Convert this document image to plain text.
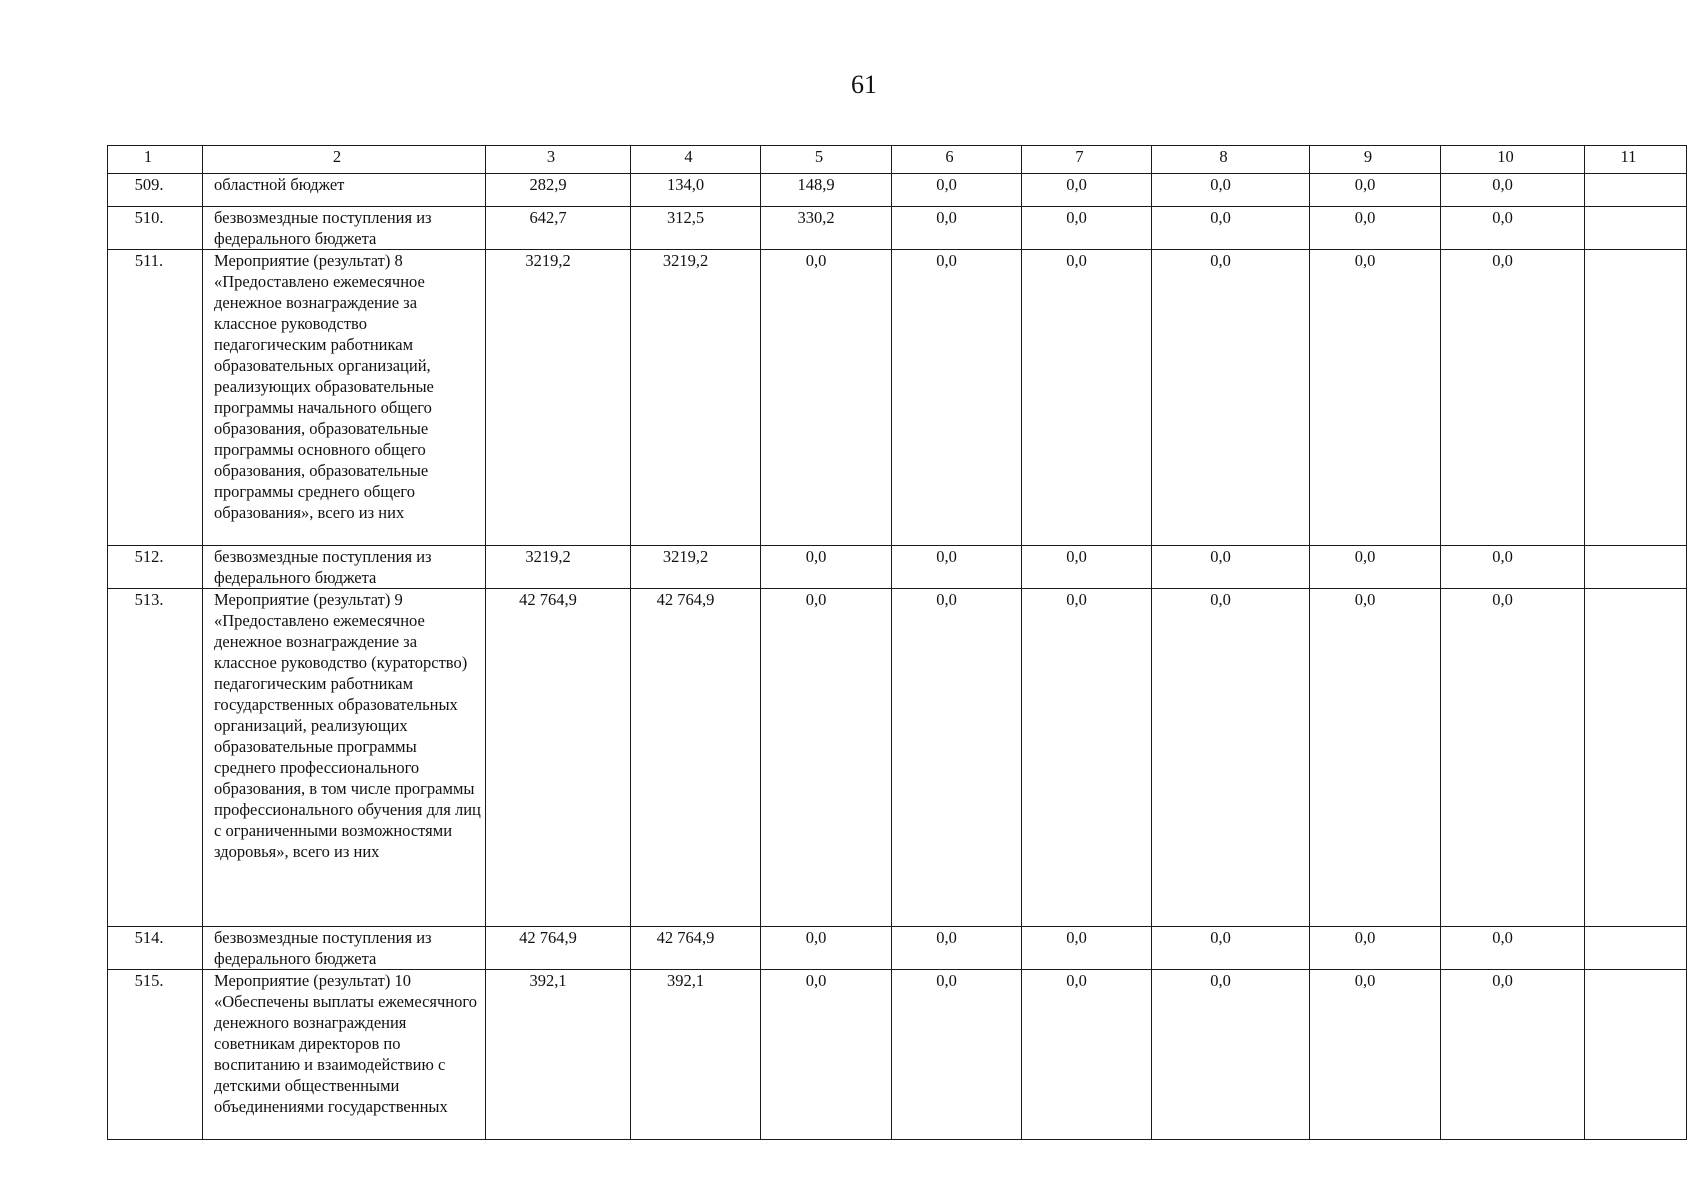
61
1	2	3	4	5	6	7	8	9	10	11
509.	областной бюджет	282,9	134,0	148,9	0,0	0,0	0,0	0,0	0,0	
510.	безвозмездные поступления из федерального бюджета	642,7	312,5	330,2	0,0	0,0	0,0	0,0	0,0	
511.	Мероприятие (результат) 8 «Предоставлено ежемесячное денежное вознаграждение за классное руководство педагогическим работникам образовательных организаций, реализующих образовательные программы начального общего образования, образовательные программы основного общего образования, образовательные программы среднего общего образования», всего из них	3219,2	3219,2	0,0	0,0	0,0	0,0	0,0	0,0	
512.	безвозмездные поступления из федерального бюджета	3219,2	3219,2	0,0	0,0	0,0	0,0	0,0	0,0	
513.	Мероприятие (результат) 9 «Предоставлено ежемесячное денежное вознаграждение за классное руководство (кураторство) педагогическим работникам государственных образовательных организаций, реализующих образовательные программы среднего профессионального образования, в том числе программы профессионального обучения для лиц с ограниченными возможностями здоровья», всего из них	42 764,9	42 764,9	0,0	0,0	0,0	0,0	0,0	0,0	
514.	безвозмездные поступления из федерального бюджета	42 764,9	42 764,9	0,0	0,0	0,0	0,0	0,0	0,0	
515.	Мероприятие (результат) 10 «Обеспечены выплаты ежемесячного денежного вознаграждения советникам директоров по воспитанию и взаимодействию с детскими общественными объединениями государственных	392,1	392,1	0,0	0,0	0,0	0,0	0,0	0,0	
